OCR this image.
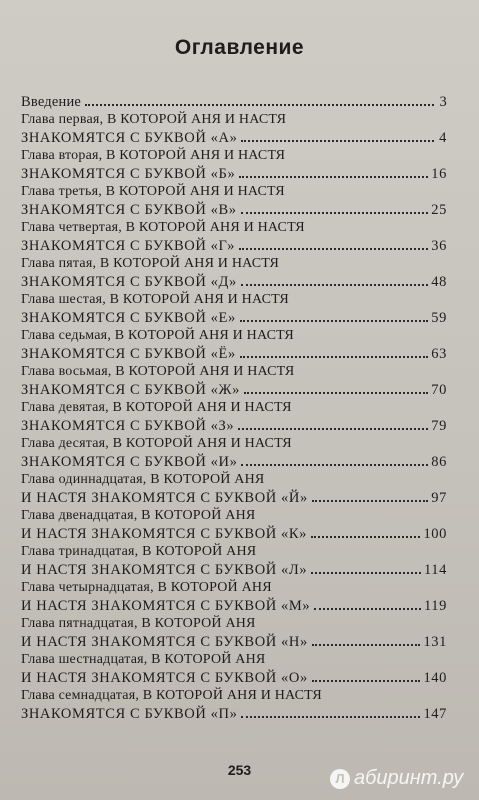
Оглавление
Введение	3
Глава первая, В КОТОРОЙ АНЯ И НАСТЯ
ЗНАКОМЯТСЯ С БУКВОЙ «А»	4
Глава вторая, В КОТОРОЙ АНЯ И НАСТЯ
ЗНАКОМЯТСЯ С БУКВОЙ «Б»	16
Глава третья, В КОТОРОЙ АНЯ И НАСТЯ
ЗНАКОМЯТСЯ С БУКВОЙ «В»	25
Глава четвертая, В КОТОРОЙ АНЯ И НАСТЯ
ЗНАКОМЯТСЯ С БУКВОЙ «Г»	36
Глава пятая, В КОТОРОЙ АНЯ И НАСТЯ
ЗНАКОМЯТСЯ С БУКВОЙ «Д»	48
Глава шестая, В КОТОРОЙ АНЯ И НАСТЯ
ЗНАКОМЯТСЯ С БУКВОЙ «Е»	59
Глава седьмая, В КОТОРОЙ АНЯ И НАСТЯ
ЗНАКОМЯТСЯ С БУКВОЙ «Ё»	63
Глава восьмая, В КОТОРОЙ АНЯ И НАСТЯ
ЗНАКОМЯТСЯ С БУКВОЙ «Ж»	70
Глава девятая, В КОТОРОЙ АНЯ И НАСТЯ
ЗНАКОМЯТСЯ С БУКВОЙ «З»	79
Глава десятая, В КОТОРОЙ АНЯ И НАСТЯ
ЗНАКОМЯТСЯ С БУКВОЙ «И»	86
Глава одиннадцатая, В КОТОРОЙ АНЯ
И НАСТЯ ЗНАКОМЯТСЯ С БУКВОЙ «Й»	97
Глава двенадцатая, В КОТОРОЙ АНЯ
И НАСТЯ ЗНАКОМЯТСЯ С БУКВОЙ «К»	100
Глава тринадцатая, В КОТОРОЙ АНЯ
И НАСТЯ ЗНАКОМЯТСЯ С БУКВОЙ «Л»	114
Глава четырнадцатая, В КОТОРОЙ АНЯ
И НАСТЯ ЗНАКОМЯТСЯ С БУКВОЙ «М»	119
Глава пятнадцатая, В КОТОРОЙ АНЯ
И НАСТЯ ЗНАКОМЯТСЯ С БУКВОЙ «Н»	131
Глава шестнадцатая, В КОТОРОЙ АНЯ
И НАСТЯ ЗНАКОМЯТСЯ С БУКВОЙ «О»	140
Глава семнадцатая, В КОТОРОЙ АНЯ И НАСТЯ
ЗНАКОМЯТСЯ С БУКВОЙ «П»	147
253
Л абиринт.ру
